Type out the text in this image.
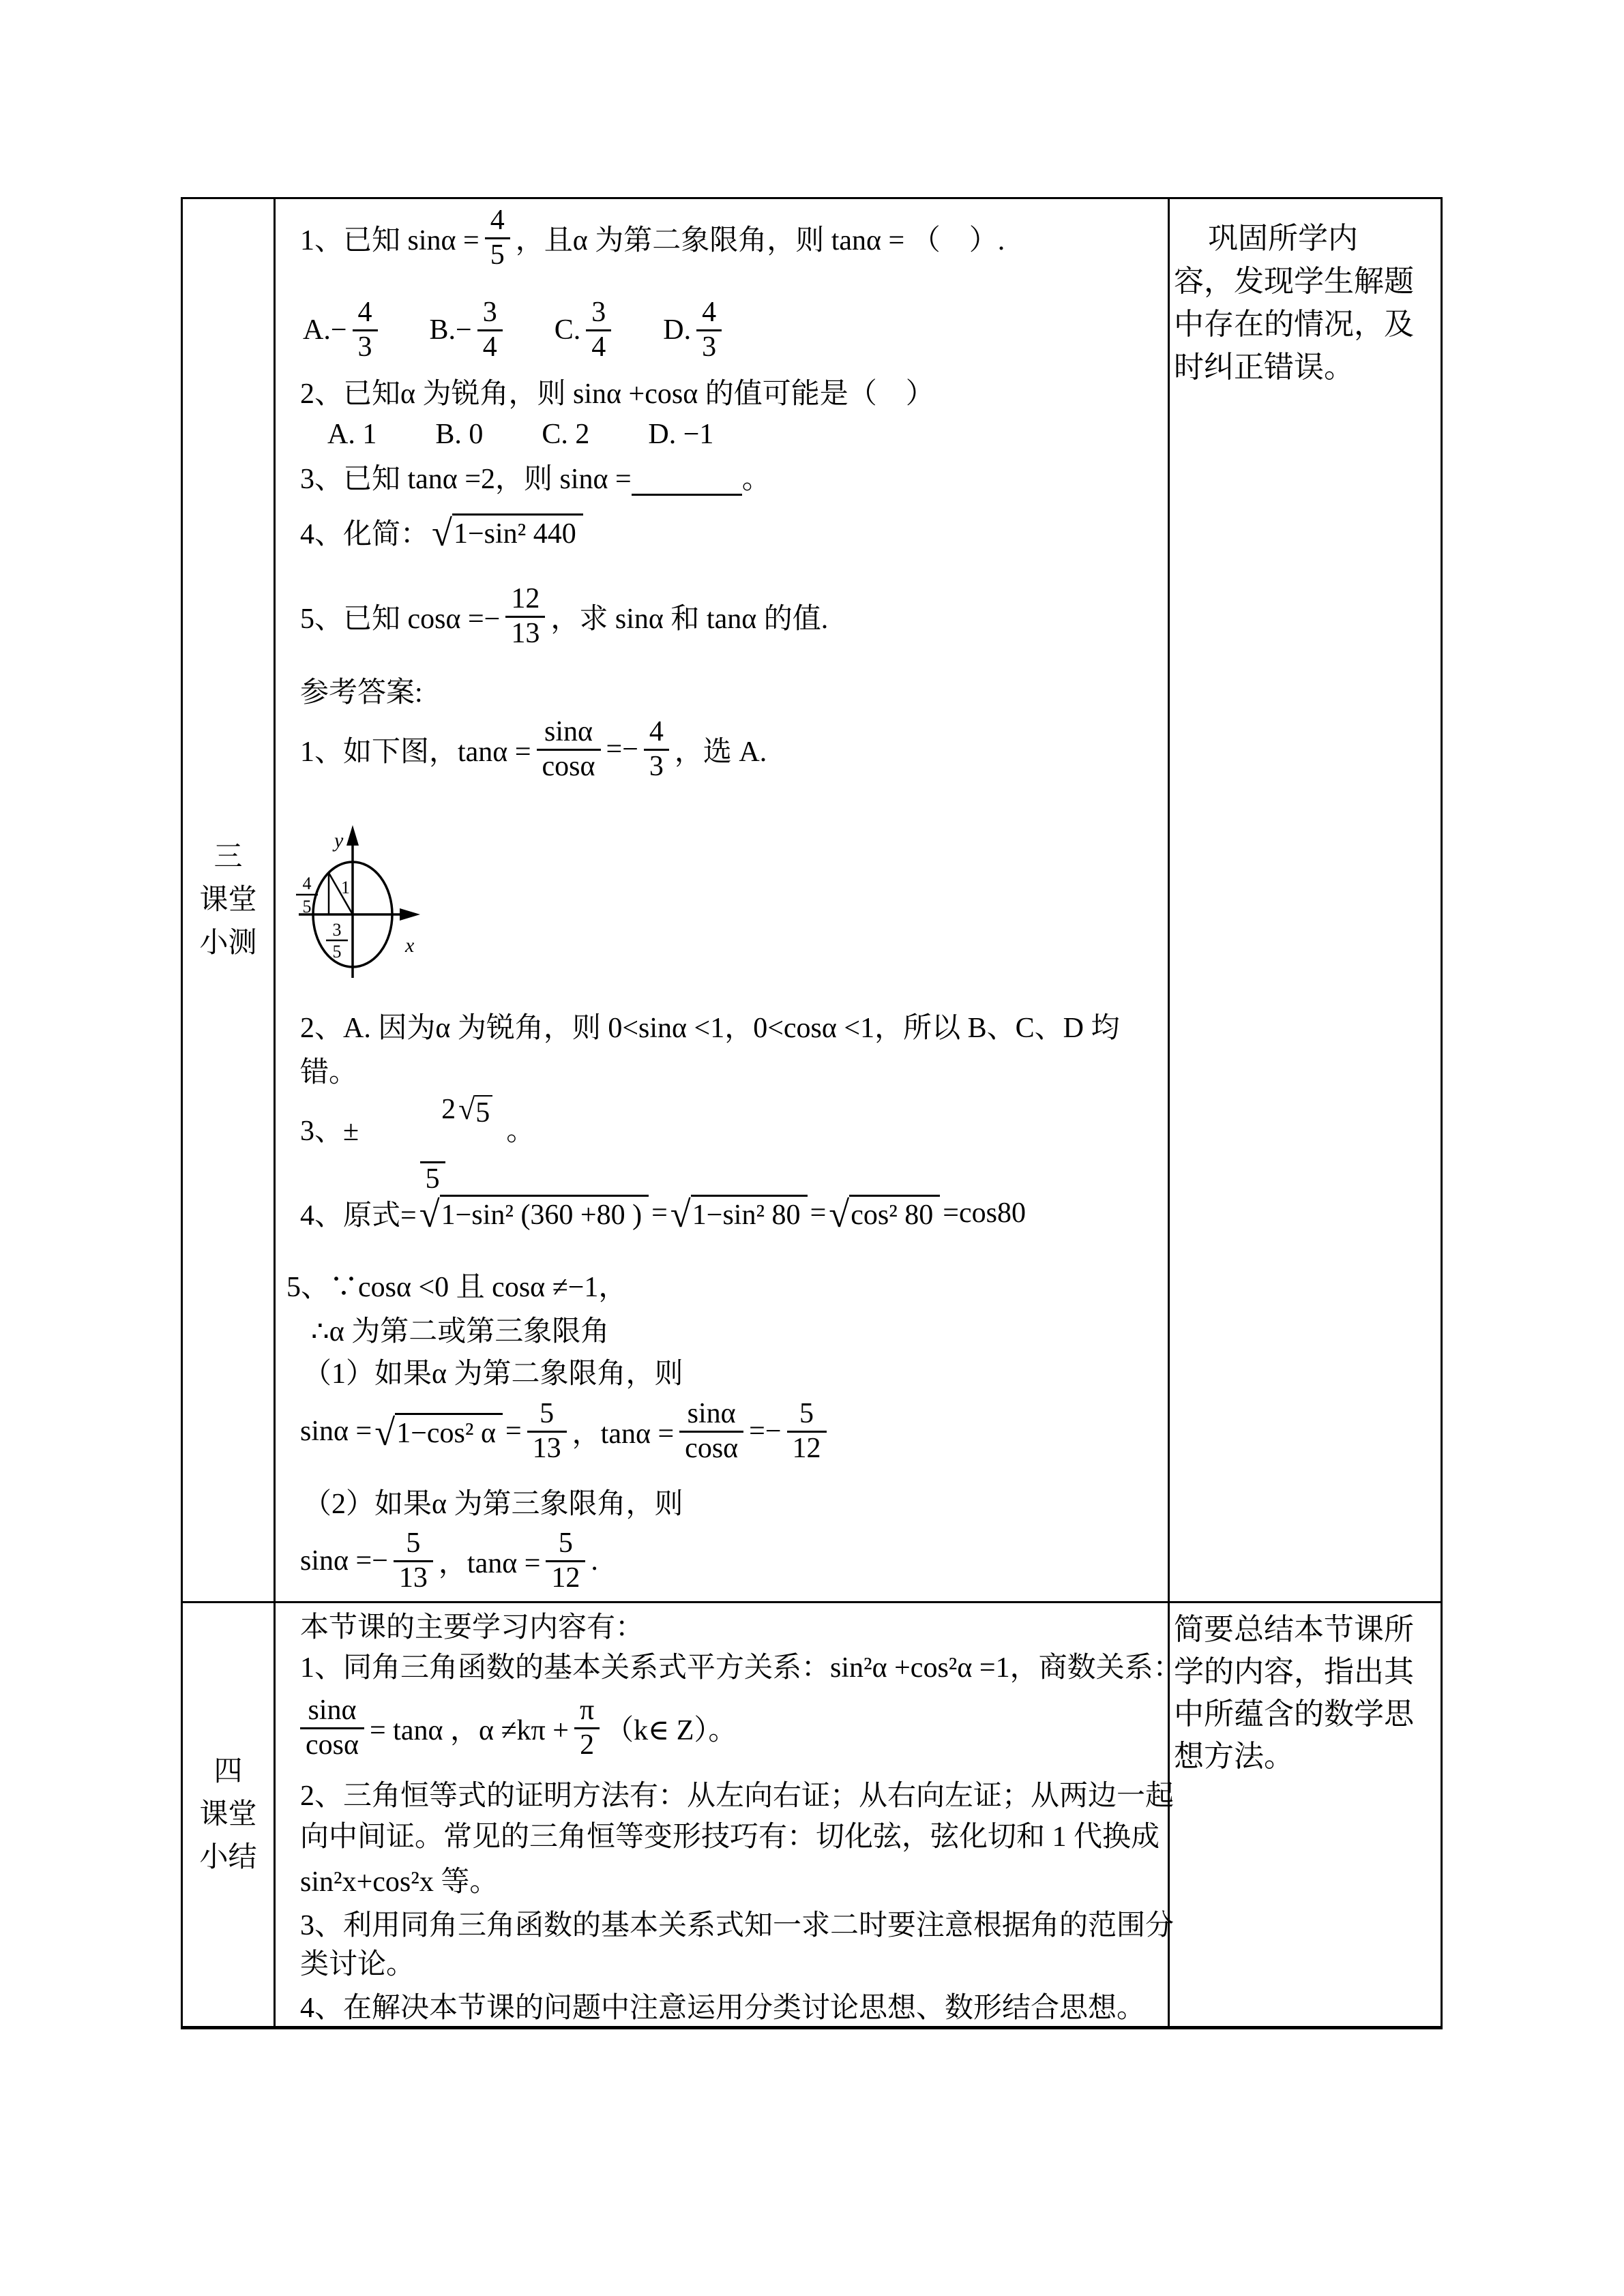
三
课堂
小测
1、已知 $\sin\alpha = \frac{4}{5}$ ，且α 为第二象限角，则 tanα = （　）.
A. − $\frac{4}{3} B$. − $\frac{3}{4} C$.
3
4
D.
4
3
2、已知α 为锐角，则 sinα +cosα 的值可能是（　）
A.
1 B.
0 C.
2 D.
−1
3、已知 tanα =2，则 sinα =	。
4、化简： √ 1−sin² 440
5、已知 $\cos\alpha =- \frac{12}{13}$ ，求 sinα 和 tanα 的值.
参考答案:
1、如下图，$\tan\alpha = \frac{\sin\alpha}{\cos\alpha} =- \frac{4}{3}$ ，选 A.
y
x
1
4
5
3
5
2、A. 因为α 为锐角，则 0<sinα <1，0<cosα <1，所以 B、C、D 均
错。
3、± $\frac{2 √ 5}{5}$ 。
4、原式= √ 1−sin² (360 +80 ) = √ 1−sin² 80 = √ cos² 80 =cos80
5、∵cosα <0 且 cosα ≠−1，
∴α 为第二或第三象限角
（1）如果α 为第二象限角，则
sinα = √ 1−cos² $\alpha = \frac{5}{13}$ ，$\tan\alpha = \frac{\sin\alpha}{\cos\alpha} =- \frac{5}{12}$
（2）如果α 为第三象限角，则
$\sin\alpha =- \frac{5}{13}$ ，$\tan\alpha = \frac{5}{12}$ .
巩固所学内
容，发现学生解题
中存在的情况，及
时纠正错误。
四
课堂
小结
本节课的主要学习内容有：
1、同角三角函数的基本关系式平方关系：sin²α +cos²α =1，商数关系：
$\frac{\sin\alpha}{\cos\alpha} = \tan\alpha$ ，$\alpha \ne k\pi + \frac{\pi}{2}$ （k∈ Z）。
2、三角恒等式的证明方法有：从左向右证；从右向左证；从两边一起
向中间证。常见的三角恒等变形技巧有：切化弦，弦化切和 1 代换成
sin²x+cos²x 等。
3、利用同角三角函数的基本关系式知一求二时要注意根据角的范围分
类讨论。
4、在解决本节课的问题中注意运用分类讨论思想、数形结合思想。
简要总结本节课所
学的内容，指出其
中所蕴含的数学思
想方法。
